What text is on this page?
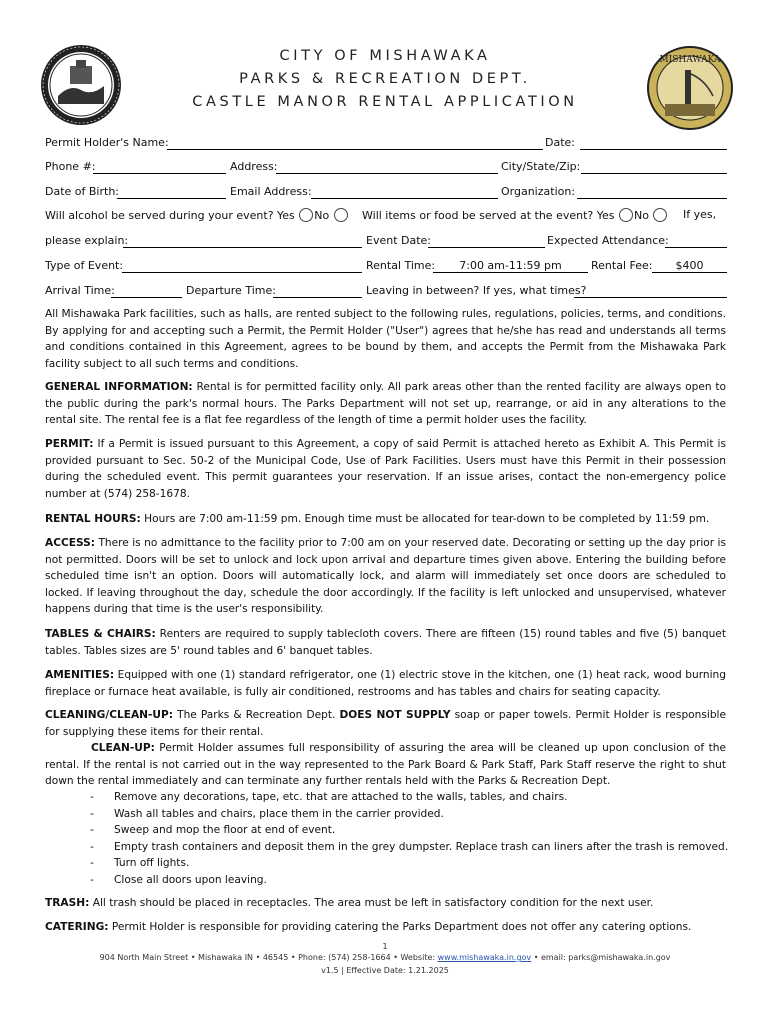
MISHAWAKA
CITY OF MISHAWAKA
PARKS & RECREATION DEPT.
CASTLE MANOR RENTAL APPLICATION
Permit Holder's Name:	Date:
Phone #:	Address:	City/State/Zip:
Date of Birth:	Email Address:	Organization:
Will alcohol be served during your event? Yes No	Will items or food be served at the event? Yes No	If yes,
please explain:	Event Date:	Expected Attendance:
Type of Event:	Rental Time:	7:00 am-11:59 pm	Rental Fee:	$400
Arrival Time:	Departure Time:	Leaving in between? If yes, what times?

All Mishawaka Park facilities, such as halls, are rented subject to the following rules, regulations, policies, terms, and conditions. By applying for and accepting such a Permit, the Permit Holder ("User") agrees that he/she has read and understands all terms and conditions contained in this Agreement, agrees to be bound by them, and accepts the Permit from the Mishawaka Park facility subject to all such terms and conditions.

GENERAL INFORMATION: Rental is for permitted facility only. All park areas other than the rented facility are always open to the public during the park's normal hours. The Parks Department will not set up, rearrange, or aid in any alterations to the rental site. The rental fee is a flat fee regardless of the length of time a permit holder uses the facility.

PERMIT: If a Permit is issued pursuant to this Agreement, a copy of said Permit is attached hereto as Exhibit A. This Permit is provided pursuant to Sec. 50-2 of the Municipal Code, Use of Park Facilities. Users must have this Permit in their possession during the scheduled event. This permit guarantees your reservation. If an issue arises, contact the non-emergency police number at (574) 258-1678.

RENTAL HOURS: Hours are 7:00 am-11:59 pm. Enough time must be allocated for tear-down to be completed by 11:59 pm.

ACCESS: There is no admittance to the facility prior to 7:00 am on your reserved date. Decorating or setting up the day prior is not permitted. Doors will be set to unlock and lock upon arrival and departure times given above. Entering the building before scheduled time isn't an option. Doors will automatically lock, and alarm will immediately set once doors are scheduled to locked. If leaving throughout the day, schedule the door accordingly. If the facility is left unlocked and unsupervised, whatever happens during that time is the user's responsibility.

TABLES & CHAIRS: Renters are required to supply tablecloth covers. There are fifteen (15) round tables and five (5) banquet tables. Tables sizes are 5' round tables and 6' banquet tables.

AMENITIES: Equipped with one (1) standard refrigerator, one (1) electric stove in the kitchen, one (1) heat rack, wood burning fireplace or furnace heat available, is fully air conditioned, restrooms and has tables and chairs for seating capacity.

CLEANING/CLEAN-UP: The Parks & Recreation Dept. DOES NOT SUPPLY soap or paper towels. Permit Holder is responsible for supplying these items for their rental.

CLEAN-UP: Permit Holder assumes full responsibility of assuring the area will be cleaned up upon conclusion of the rental. If the rental is not carried out in the way represented to the Park Board & Park Staff, Park Staff reserve the right to shut down the rental immediately and can terminate any further rentals held with the Parks & Recreation Dept.

- Remove any decorations, tape, etc. that are attached to the walls, tables, and chairs.
- Wash all tables and chairs, place them in the carrier provided.
- Sweep and mop the floor at end of event.
- Empty trash containers and deposit them in the grey dumpster. Replace trash can liners after the trash is removed.
- Turn off lights.
- Close all doors upon leaving.

TRASH: All trash should be placed in receptacles. The area must be left in satisfactory condition for the next user.

CATERING: Permit Holder is responsible for providing catering the Parks Department does not offer any catering options.

1
904 North Main Street • Mishawaka IN • 46545 • Phone: (574) 258-1664 • Website: www.mishawaka.in.gov • email: parks@mishawaka.in.gov
v1.5 | Effective Date: 1.21.2025
